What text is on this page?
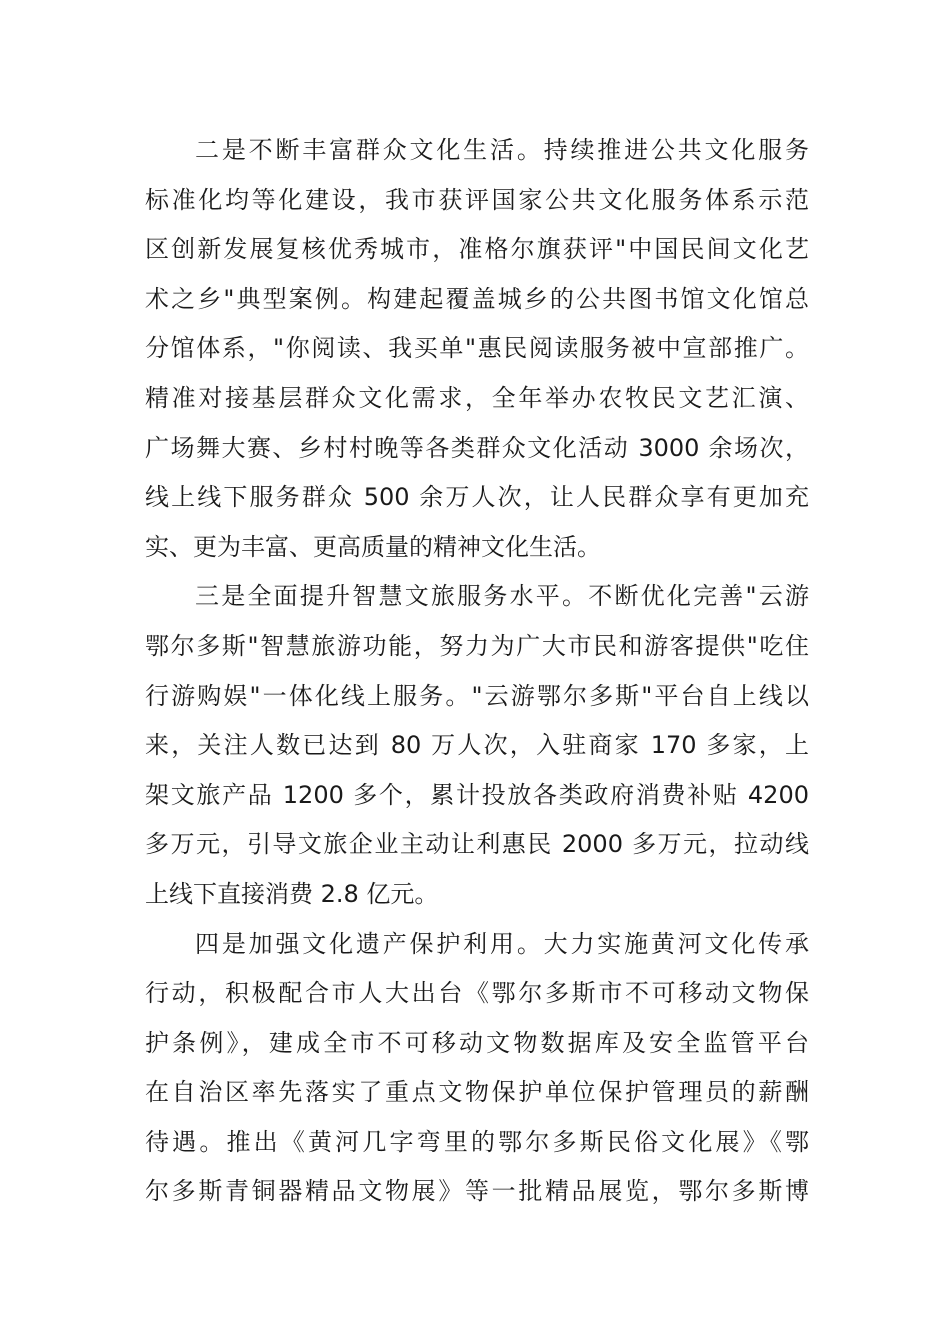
二是不断丰富群众文化生活。持续推进公共文化服务
标准化均等化建设，我市获评国家公共文化服务体系示范
区创新发展复核优秀城市，准格尔旗获评"中国民间文化艺
术之乡"典型案例。构建起覆盖城乡的公共图书馆文化馆总
分馆体系，"你阅读、我买单"惠民阅读服务被中宣部推广。
精准对接基层群众文化需求，全年举办农牧民文艺汇演、
广场舞大赛、乡村村晚等各类群众文化活动 3000 余场次，
线上线下服务群众 500 余万人次，让人民群众享有更加充
实、更为丰富、更高质量的精神文化生活。
三是全面提升智慧文旅服务水平。不断优化完善"云游
鄂尔多斯"智慧旅游功能，努力为广大市民和游客提供"吃住
行游购娱"一体化线上服务。"云游鄂尔多斯"平台自上线以
来，关注人数已达到 80 万人次，入驻商家 170 多家，上
架文旅产品 1200 多个，累计投放各类政府消费补贴 4200
多万元，引导文旅企业主动让利惠民 2000 多万元，拉动线
上线下直接消费 2.8 亿元。
四是加强文化遗产保护利用。大力实施黄河文化传承
行动，积极配合市人大出台《鄂尔多斯市不可移动文物保
护条例》，建成全市不可移动文物数据库及安全监管平台
在自治区率先落实了重点文物保护单位保护管理员的薪酬
待遇。推出《黄河几字弯里的鄂尔多斯民俗文化展》《鄂
尔多斯青铜器精品文物展》等一批精品展览，鄂尔多斯博
